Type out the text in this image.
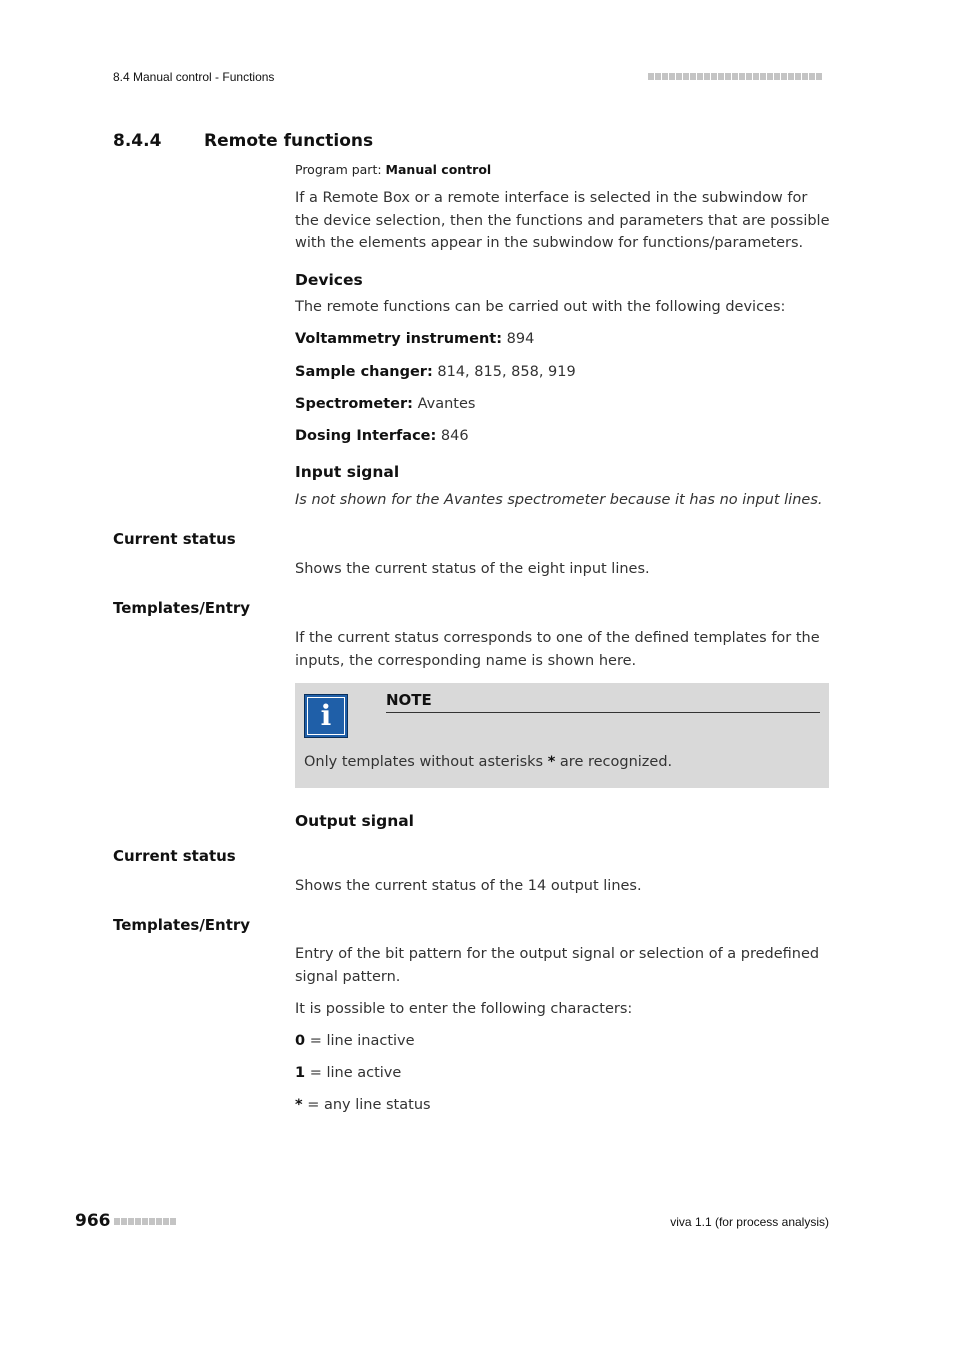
8.4 Manual control - Functions
8.4.4	Remote functions
Program part: Manual control
If a Remote Box or a remote interface is selected in the subwindow for the device selection, then the functions and parameters that are possible with the elements appear in the subwindow for functions/parameters.
Devices
The remote functions can be carried out with the following devices:
Voltammetry instrument: 894
Sample changer: 814, 815, 858, 919
Spectrometer: Avantes
Dosing Interface: 846
Input signal
Is not shown for the Avantes spectrometer because it has no input lines.
Current status
Shows the current status of the eight input lines.
Templates/Entry
If the current status corresponds to one of the defined templates for the inputs, the corresponding name is shown here.
i	NOTE
Only templates without asterisks * are recognized.
Output signal
Current status
Shows the current status of the 14 output lines.
Templates/Entry
Entry of the bit pattern for the output signal or selection of a predefined signal pattern.
It is possible to enter the following characters:
0 = line inactive
1 = line active
* = any line status
966	viva 1.1 (for process analysis)
